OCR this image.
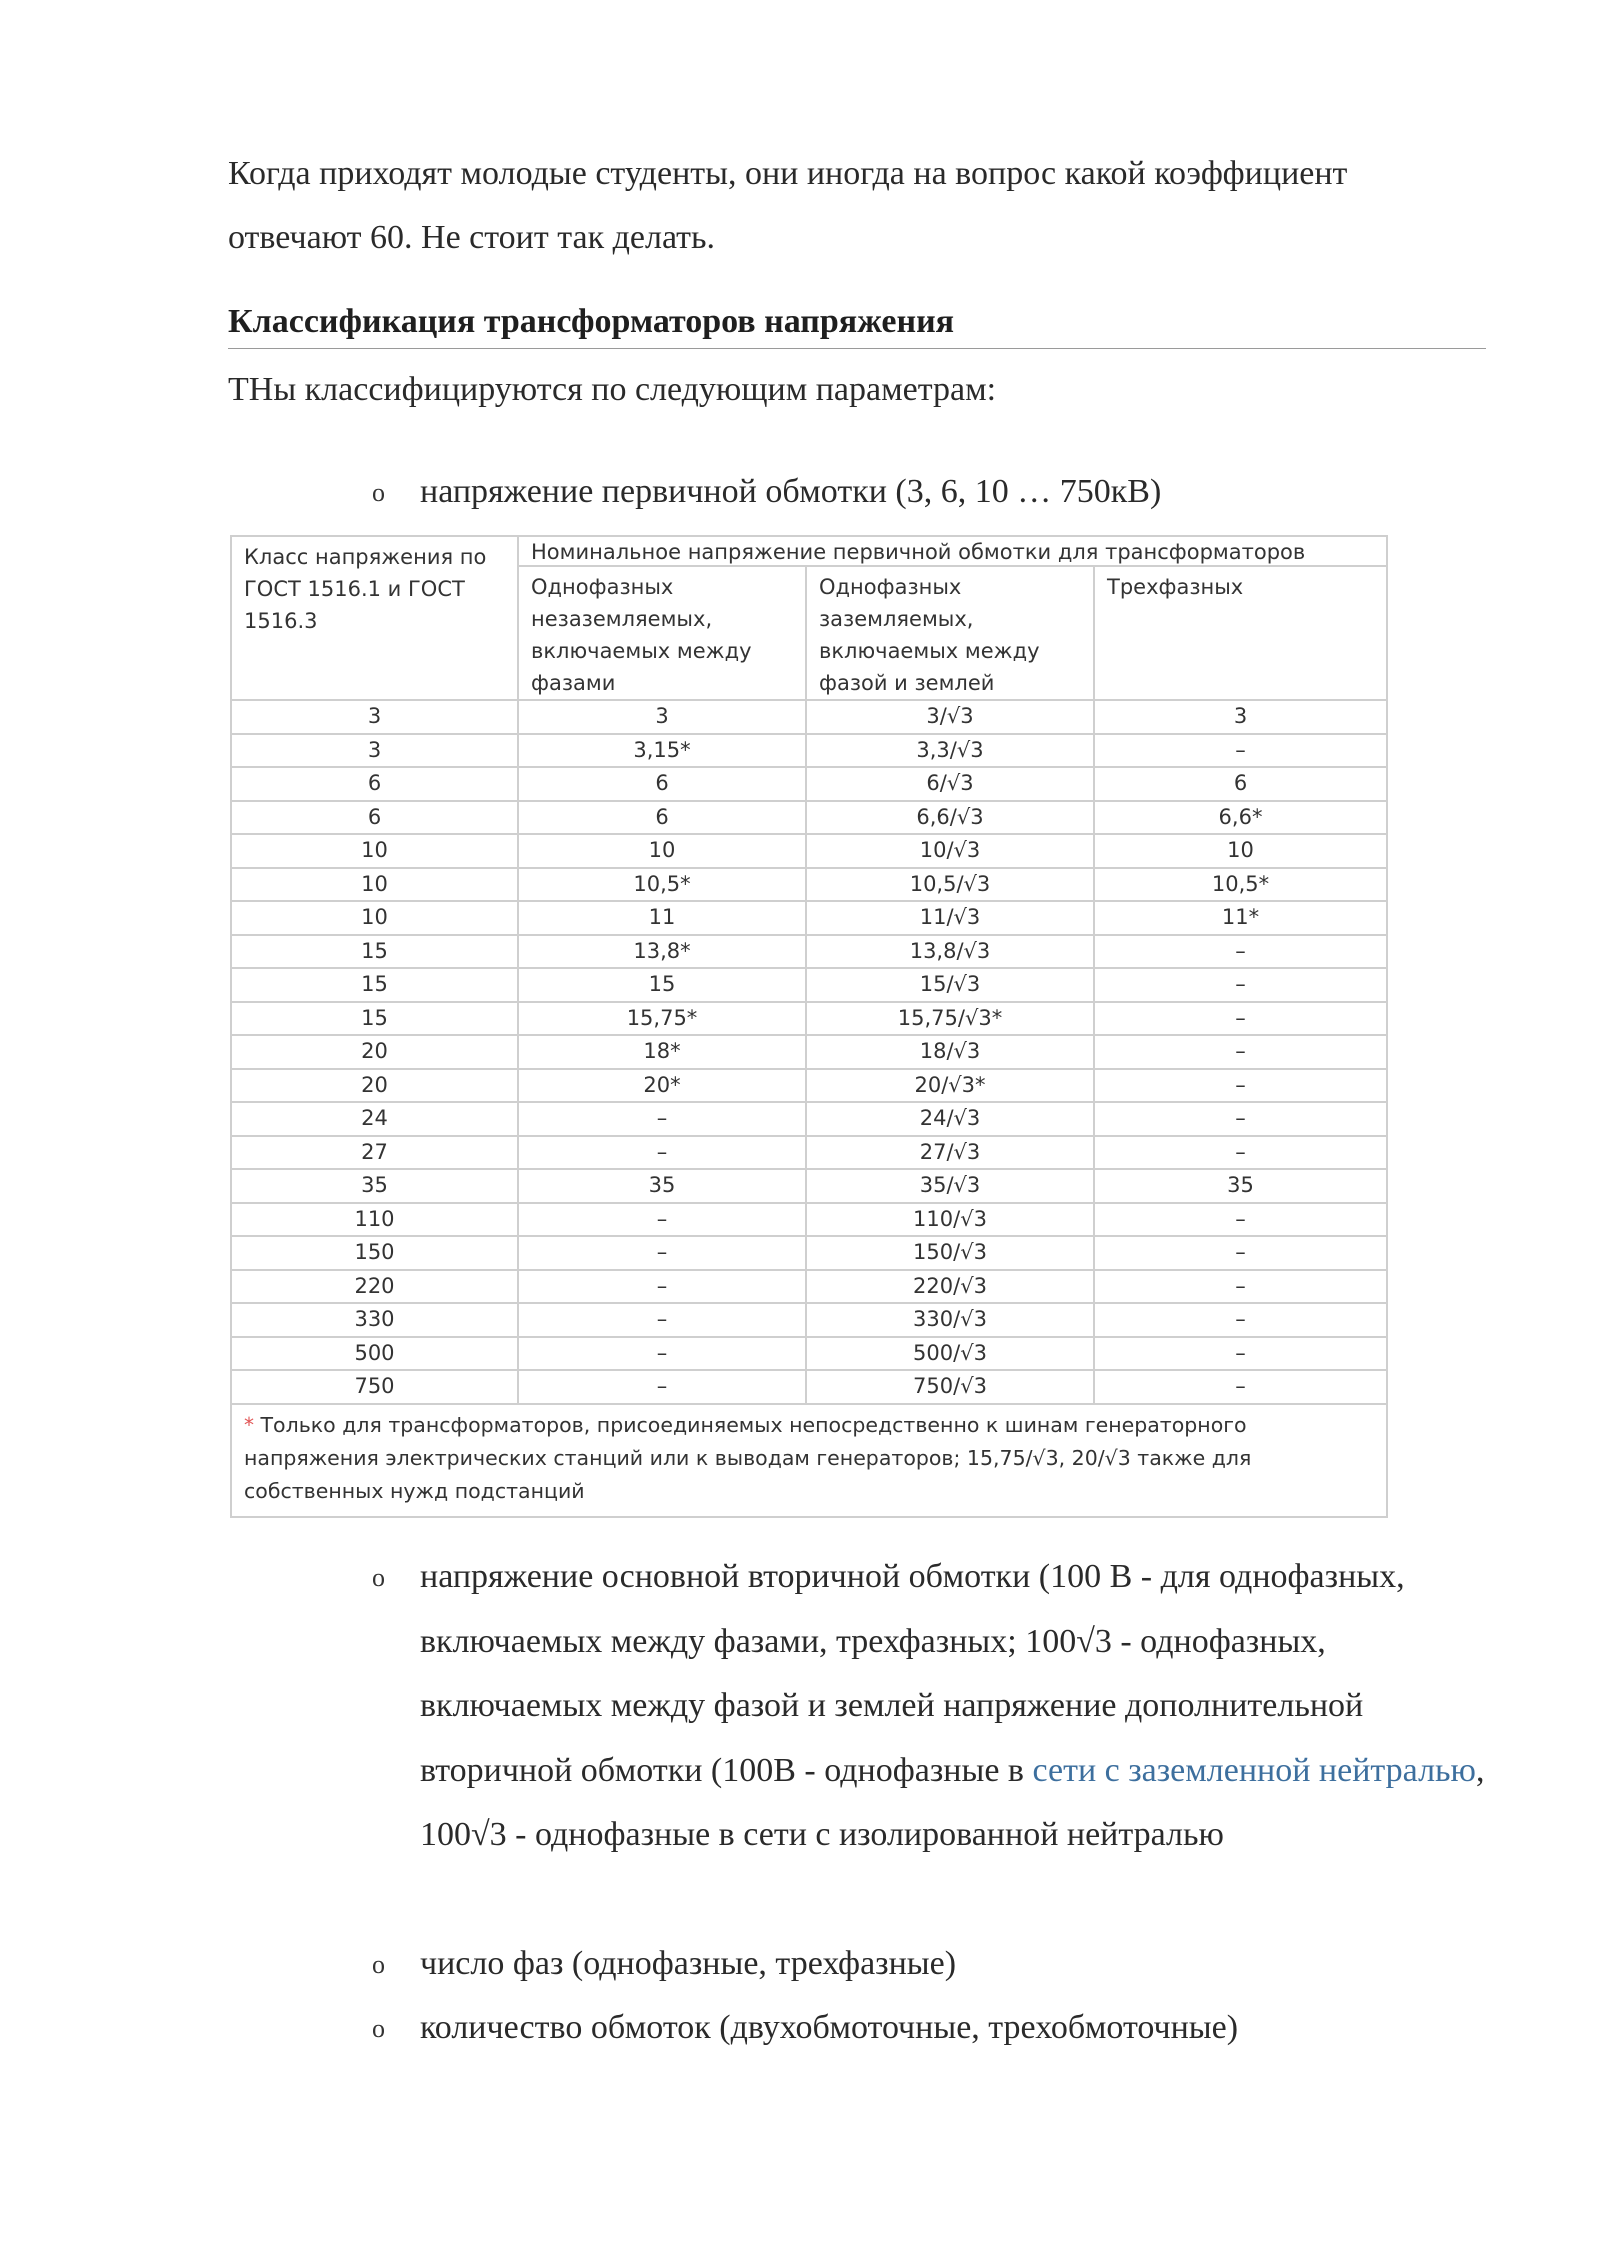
Когда приходят молодые студенты, они иногда на вопрос какой коэффициент

отвечают 60. Не стоит так делать.

Классификация трансформаторов напряжения

ТНы классифицируются по следующим параметрам:

o напряжение первичной обмотки (3, 6, 10 … 750кВ)

Класс напряжения по ГОСТ 1516.1 и ГОСТ 1516.3	Номинальное напряжение первичной обмотки для трансформаторов		
	Однофазных незаземляемых, включаемых между фазами	Однофазных заземляемых, включаемых между фазой и землей	Трехфазных
3	3	3/√3	3
3	3,15*	3,3/√3	–
6	6	6/√3	6
6	6	6,6/√3	6,6*
10	10	10/√3	10
10	10,5*	10,5/√3	10,5*
10	11	11/√3	11*
15	13,8*	13,8/√3	–
15	15	15/√3	–
15	15,75*	15,75/√3*	–
20	18*	18/√3	–
20	20*	20/√3*	–
24	–	24/√3	–
27	–	27/√3	–
35	35	35/√3	35
110	–	110/√3	–
150	–	150/√3	–
220	–	220/√3	–
330	–	330/√3	–
500	–	500/√3	–
750	–	750/√3	–
* Только для трансформаторов, присоединяемых непосредственно к шинам генераторного напряжения электрических станций или к выводам генераторов; 15,75/√3, 20/√3 также для собственных нужд подстанций			
o напряжение основной вторичной обмотки (100 В - для однофазных, включаемых между фазами, трехфазных; 100√3 - однофазных, включаемых между фазой и землей напряжение дополнительной вторичной обмотки (100В - однофазные в сети с заземленной нейтралью, 100√3 - однофазные в сети с изолированной нейтралью

o число фаз (однофазные, трехфазные)

o количество обмоток (двухобмоточные, трехобмоточные)
